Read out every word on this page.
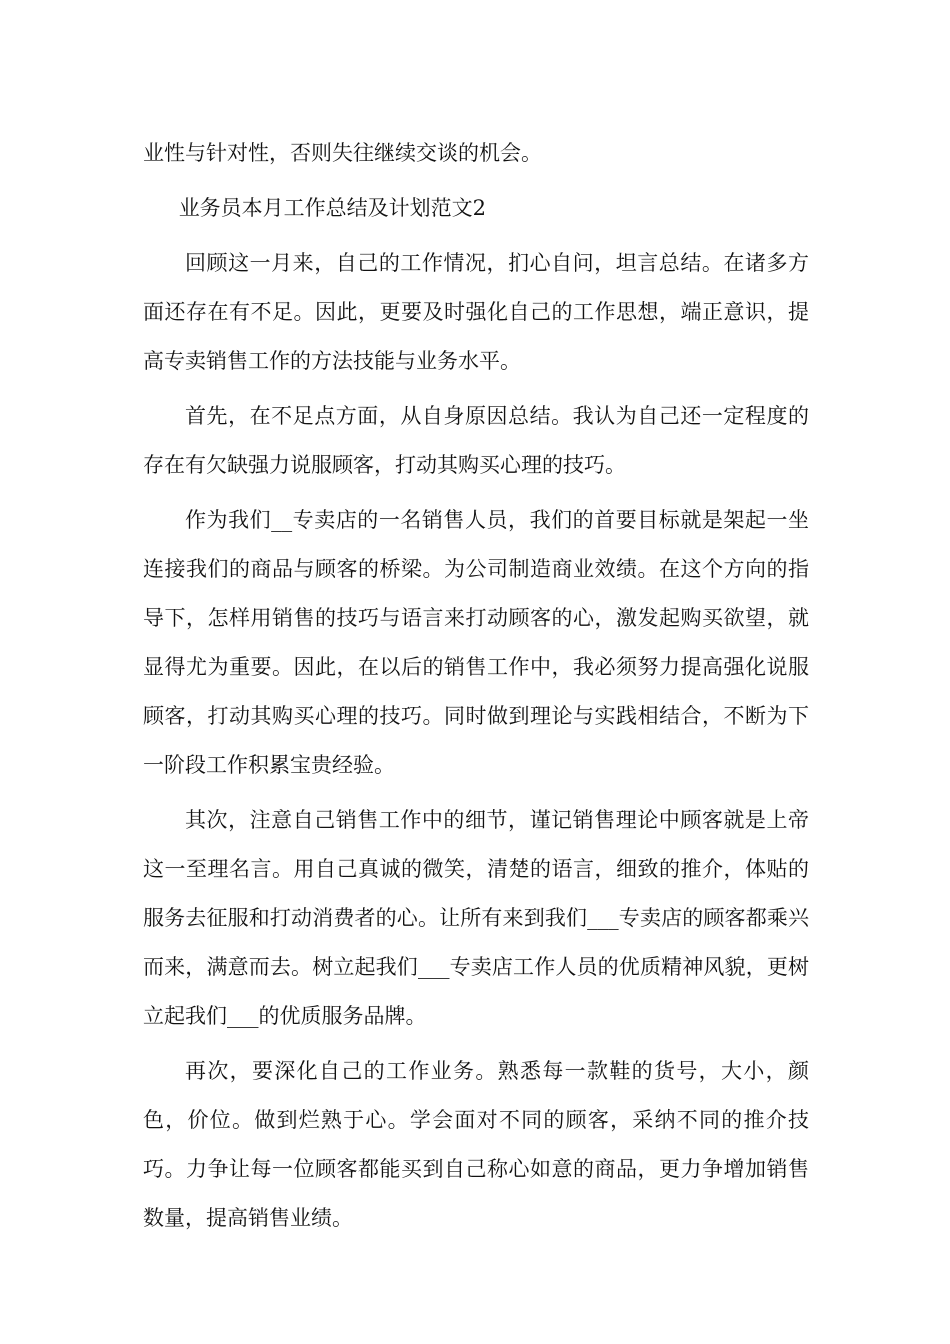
业性与针对性，否则失往继续交谈的机会。

业务员本月工作总结及计划范文2

回顾这一月来，自己的工作情况，扪心自问，坦言总结。在诸多方面还存在有不足。因此，更要及时强化自己的工作思想，端正意识，提高专卖销售工作的方法技能与业务水平。

首先，在不足点方面，从自身原因总结。我认为自己还一定程度的存在有欠缺强力说服顾客，打动其购买心理的技巧。

作为我们__专卖店的一名销售人员，我们的首要目标就是架起一坐连接我们的商品与顾客的桥梁。为公司制造商业效绩。在这个方向的指导下，怎样用销售的技巧与语言来打动顾客的心，激发起购买欲望，就显得尤为重要。因此，在以后的销售工作中，我必须努力提高强化说服顾客，打动其购买心理的技巧。同时做到理论与实践相结合，不断为下一阶段工作积累宝贵经验。

其次，注意自己销售工作中的细节，谨记销售理论中顾客就是上帝这一至理名言。用自己真诚的微笑，清楚的语言，细致的推介，体贴的服务去征服和打动消费者的心。让所有来到我们___专卖店的顾客都乘兴而来，满意而去。树立起我们___专卖店工作人员的优质精神风貌，更树立起我们___的优质服务品牌。

再次，要深化自己的工作业务。熟悉每一款鞋的货号，大小，颜色，价位。做到烂熟于心。学会面对不同的顾客，采纳不同的推介技巧。力争让每一位顾客都能买到自己称心如意的商品，更力争增加销售数量，提高销售业绩。
